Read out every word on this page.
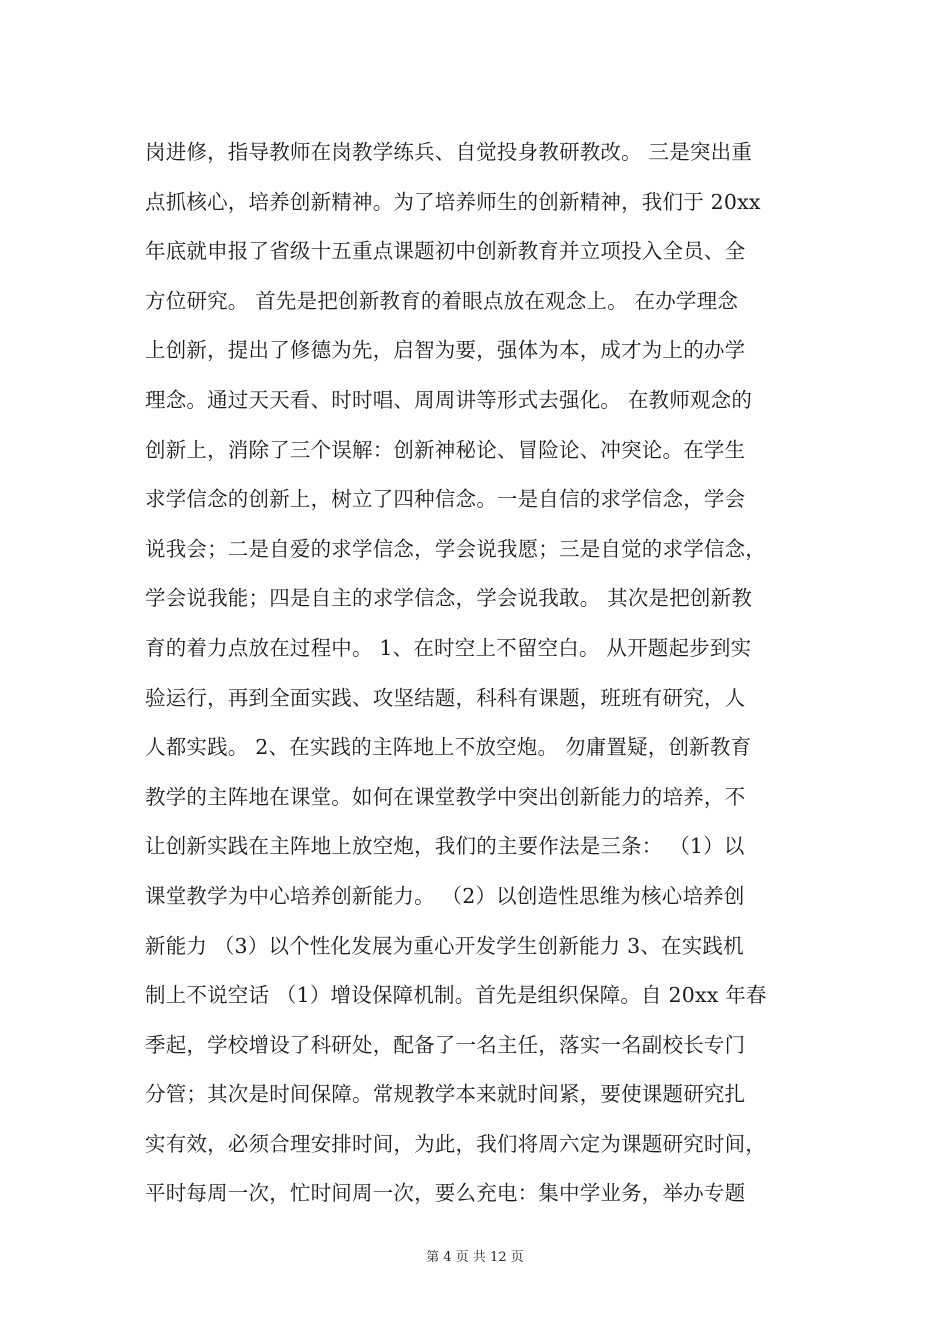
岗进修，指导教师在岗教学练兵、自觉投身教研教改。 三是突出重
点抓核心，培养创新精神。为了培养师生的创新精神，我们于 20xx
年底就申报了省级十五重点课题初中创新教育并立项投入全员、全
方位研究。 首先是把创新教育的着眼点放在观念上。 在办学理念
上创新，提出了修德为先，启智为要，强体为本，成才为上的办学
理念。通过天天看、时时唱、周周讲等形式去强化。 在教师观念的
创新上，消除了三个误解：创新神秘论、冒险论、冲突论。在学生
求学信念的创新上，树立了四种信念。一是自信的求学信念，学会
说我会；二是自爱的求学信念，学会说我愿；三是自觉的求学信念，
学会说我能；四是自主的求学信念，学会说我敢。 其次是把创新教
育的着力点放在过程中。 1、在时空上不留空白。 从开题起步到实
验运行，再到全面实践、攻坚结题，科科有课题，班班有研究，人
人都实践。 2、在实践的主阵地上不放空炮。 勿庸置疑，创新教育
教学的主阵地在课堂。如何在课堂教学中突出创新能力的培养，不
让创新实践在主阵地上放空炮，我们的主要作法是三条： （1）以
课堂教学为中心培养创新能力。 （2）以创造性思维为核心培养创
新能力 （3）以个性化发展为重心开发学生创新能力 3、在实践机
制上不说空话 （1）增设保障机制。首先是组织保障。自 20xx 年春
季起，学校增设了科研处，配备了一名主任，落实一名副校长专门
分管；其次是时间保障。常规教学本来就时间紧，要使课题研究扎
实有效，必须合理安排时间，为此，我们将周六定为课题研究时间，
平时每周一次，忙时间周一次，要么充电：集中学业务，举办专题
第 4 页 共 12 页
